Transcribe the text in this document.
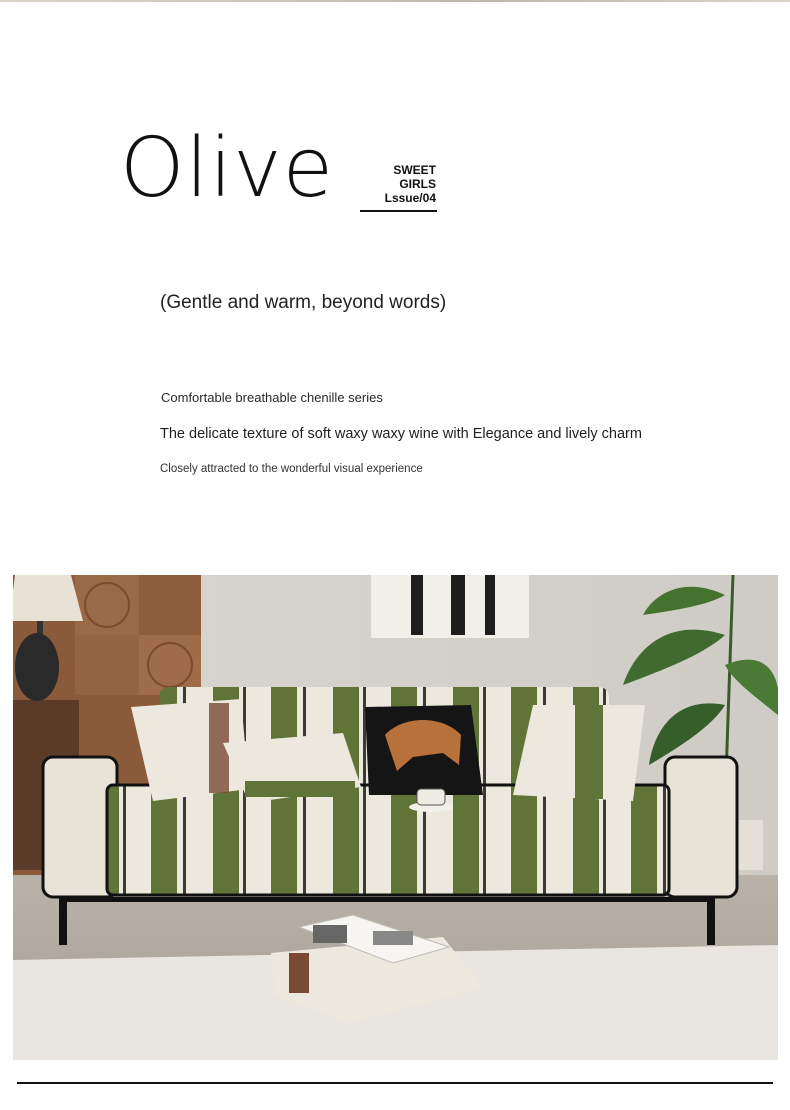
Olive	SWEET GIRLS
Lssue/04
(Gentle and warm, beyond words)
Comfortable breathable chenille series
The delicate texture of soft waxy waxy wine with Elegance and lively charm
Closely attracted to the wonderful visual experience
